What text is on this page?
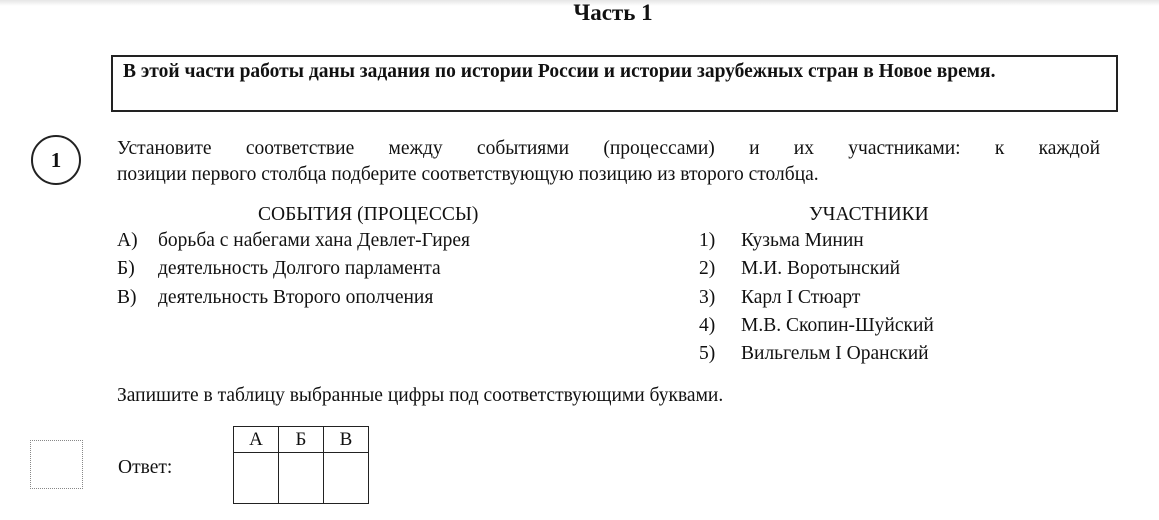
Часть 1

В этой части работы даны задания по истории России и истории зарубежных стран в Новое время.

1	Установите соответствие между событиями (процессами) и их участниками: к каждой
позиции первого столбца подберите соответствующую позицию из второго столбца.
СОБЫТИЯ (ПРОЦЕССЫ)	УЧАСТНИКИ
А) борьба с набегами хана Девлет-Гирея
Б) деятельность Долгого парламента
В) деятельность Второго ополчения
1) Кузьма Минин
2) М.И. Воротынский
3) Карл I Стюарт
4) М.В. Скопин-Шуйский
5) Вильгельм I Оранский
Запишите в таблицу выбранные цифры под соответствующими буквами.
Ответ:
А	Б	В
